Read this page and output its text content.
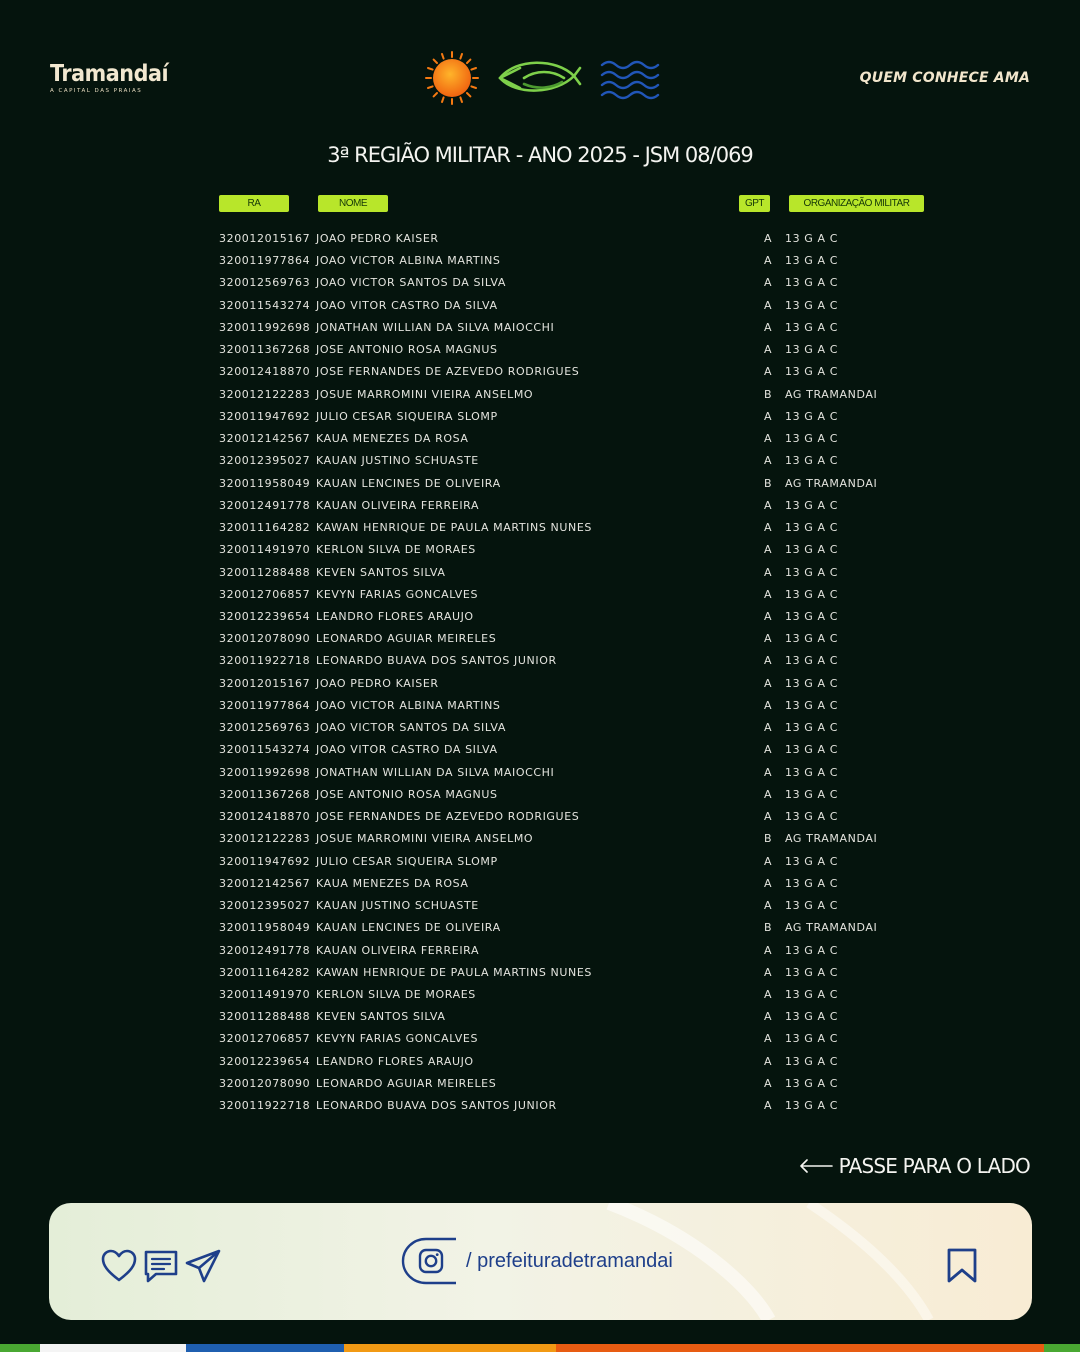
Tramandaí
A CAPITAL DAS PRAIAS
QUEM CONHECE AMA
3ª REGIÃO MILITAR - ANO 2025 - JSM 08/069
RA	NOME	GPT	ORGANIZAÇÃO MILITAR
320012015167 JOAO PEDRO KAISER	A 13 G A C
320011977864 JOAO VICTOR ALBINA MARTINS	A 13 G A C
320012569763 JOAO VICTOR SANTOS DA SILVA	A 13 G A C
320011543274 JOAO VITOR CASTRO DA SILVA	A 13 G A C
320011992698 JONATHAN WILLIAN DA SILVA MAIOCCHI	A 13 G A C
320011367268 JOSE ANTONIO ROSA MAGNUS	A 13 G A C
320012418870 JOSE FERNANDES DE AZEVEDO RODRIGUES	A 13 G A C
320012122283 JOSUE MARROMINI VIEIRA ANSELMO	B AG TRAMANDAI
320011947692 JULIO CESAR SIQUEIRA SLOMP	A 13 G A C
320012142567 KAUA MENEZES DA ROSA	A 13 G A C
320012395027 KAUAN JUSTINO SCHUASTE	A 13 G A C
320011958049 KAUAN LENCINES DE OLIVEIRA	B AG TRAMANDAI
320012491778 KAUAN OLIVEIRA FERREIRA	A 13 G A C
320011164282 KAWAN HENRIQUE DE PAULA MARTINS NUNES	A 13 G A C
320011491970 KERLON SILVA DE MORAES	A 13 G A C
320011288488 KEVEN SANTOS SILVA	A 13 G A C
320012706857 KEVYN FARIAS GONCALVES	A 13 G A C
320012239654 LEANDRO FLORES ARAUJO	A 13 G A C
320012078090 LEONARDO AGUIAR MEIRELES	A 13 G A C
320011922718 LEONARDO BUAVA DOS SANTOS JUNIOR	A 13 G A C
320012015167 JOAO PEDRO KAISER	A 13 G A C
320011977864 JOAO VICTOR ALBINA MARTINS	A 13 G A C
320012569763 JOAO VICTOR SANTOS DA SILVA	A 13 G A C
320011543274 JOAO VITOR CASTRO DA SILVA	A 13 G A C
320011992698 JONATHAN WILLIAN DA SILVA MAIOCCHI	A 13 G A C
320011367268 JOSE ANTONIO ROSA MAGNUS	A 13 G A C
320012418870 JOSE FERNANDES DE AZEVEDO RODRIGUES	A 13 G A C
320012122283 JOSUE MARROMINI VIEIRA ANSELMO	B AG TRAMANDAI
320011947692 JULIO CESAR SIQUEIRA SLOMP	A 13 G A C
320012142567 KAUA MENEZES DA ROSA	A 13 G A C
320012395027 KAUAN JUSTINO SCHUASTE	A 13 G A C
320011958049 KAUAN LENCINES DE OLIVEIRA	B AG TRAMANDAI
320012491778 KAUAN OLIVEIRA FERREIRA	A 13 G A C
320011164282 KAWAN HENRIQUE DE PAULA MARTINS NUNES	A 13 G A C
320011491970 KERLON SILVA DE MORAES	A 13 G A C
320011288488 KEVEN SANTOS SILVA	A 13 G A C
320012706857 KEVYN FARIAS GONCALVES	A 13 G A C
320012239654 LEANDRO FLORES ARAUJO	A 13 G A C
320012078090 LEONARDO AGUIAR MEIRELES	A 13 G A C
320011922718 LEONARDO BUAVA DOS SANTOS JUNIOR	A 13 G A C
PASSE PARA O LADO
/ prefeituradetramandai
